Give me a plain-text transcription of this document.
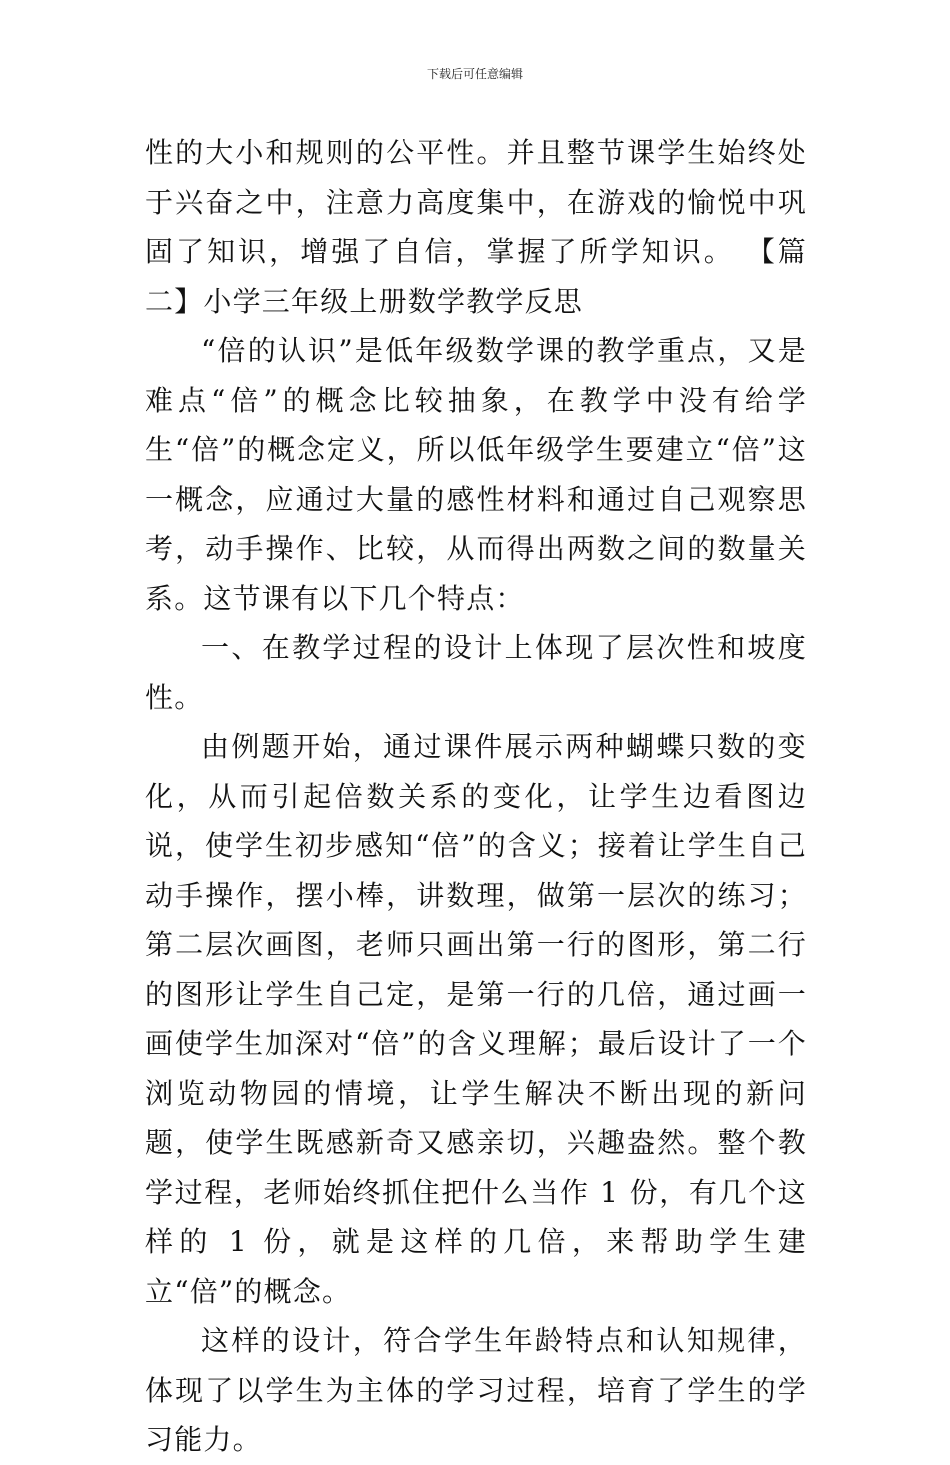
下载后可任意编辑

性的大小和规则的公平性。并且整节课学生始终处于兴奋之中，注意力高度集中，在游戏的愉悦中巩固了知识，增强了自信，掌握了所学知识。 【篇二】小学三年级上册数学教学反思

“倍的认识”是低年级数学课的教学重点，又是难点“倍”的概念比较抽象，在教学中没有给学生“倍”的概念定义，所以低年级学生要建立“倍”这一概念，应通过大量的感性材料和通过自己观察思考，动手操作、比较，从而得出两数之间的数量关系。这节课有以下几个特点：

一、在教学过程的设计上体现了层次性和坡度性。

由例题开始，通过课件展示两种蝴蝶只数的变化，从而引起倍数关系的变化，让学生边看图边说，使学生初步感知“倍”的含义；接着让学生自己动手操作，摆小棒，讲数理，做第一层次的练习；第二层次画图，老师只画出第一行的图形，第二行的图形让学生自己定，是第一行的几倍，通过画一画使学生加深对“倍”的含义理解；最后设计了一个浏览动物园的情境，让学生解决不断出现的新问题，使学生既感新奇又感亲切，兴趣盎然。整个教学过程，老师始终抓住把什么当作 1 份，有几个这样的 1 份，就是这样的几倍，来帮助学生建立“倍”的概念。

这样的设计，符合学生年龄特点和认知规律，体现了以学生为主体的学习过程，培育了学生的学习能力。
